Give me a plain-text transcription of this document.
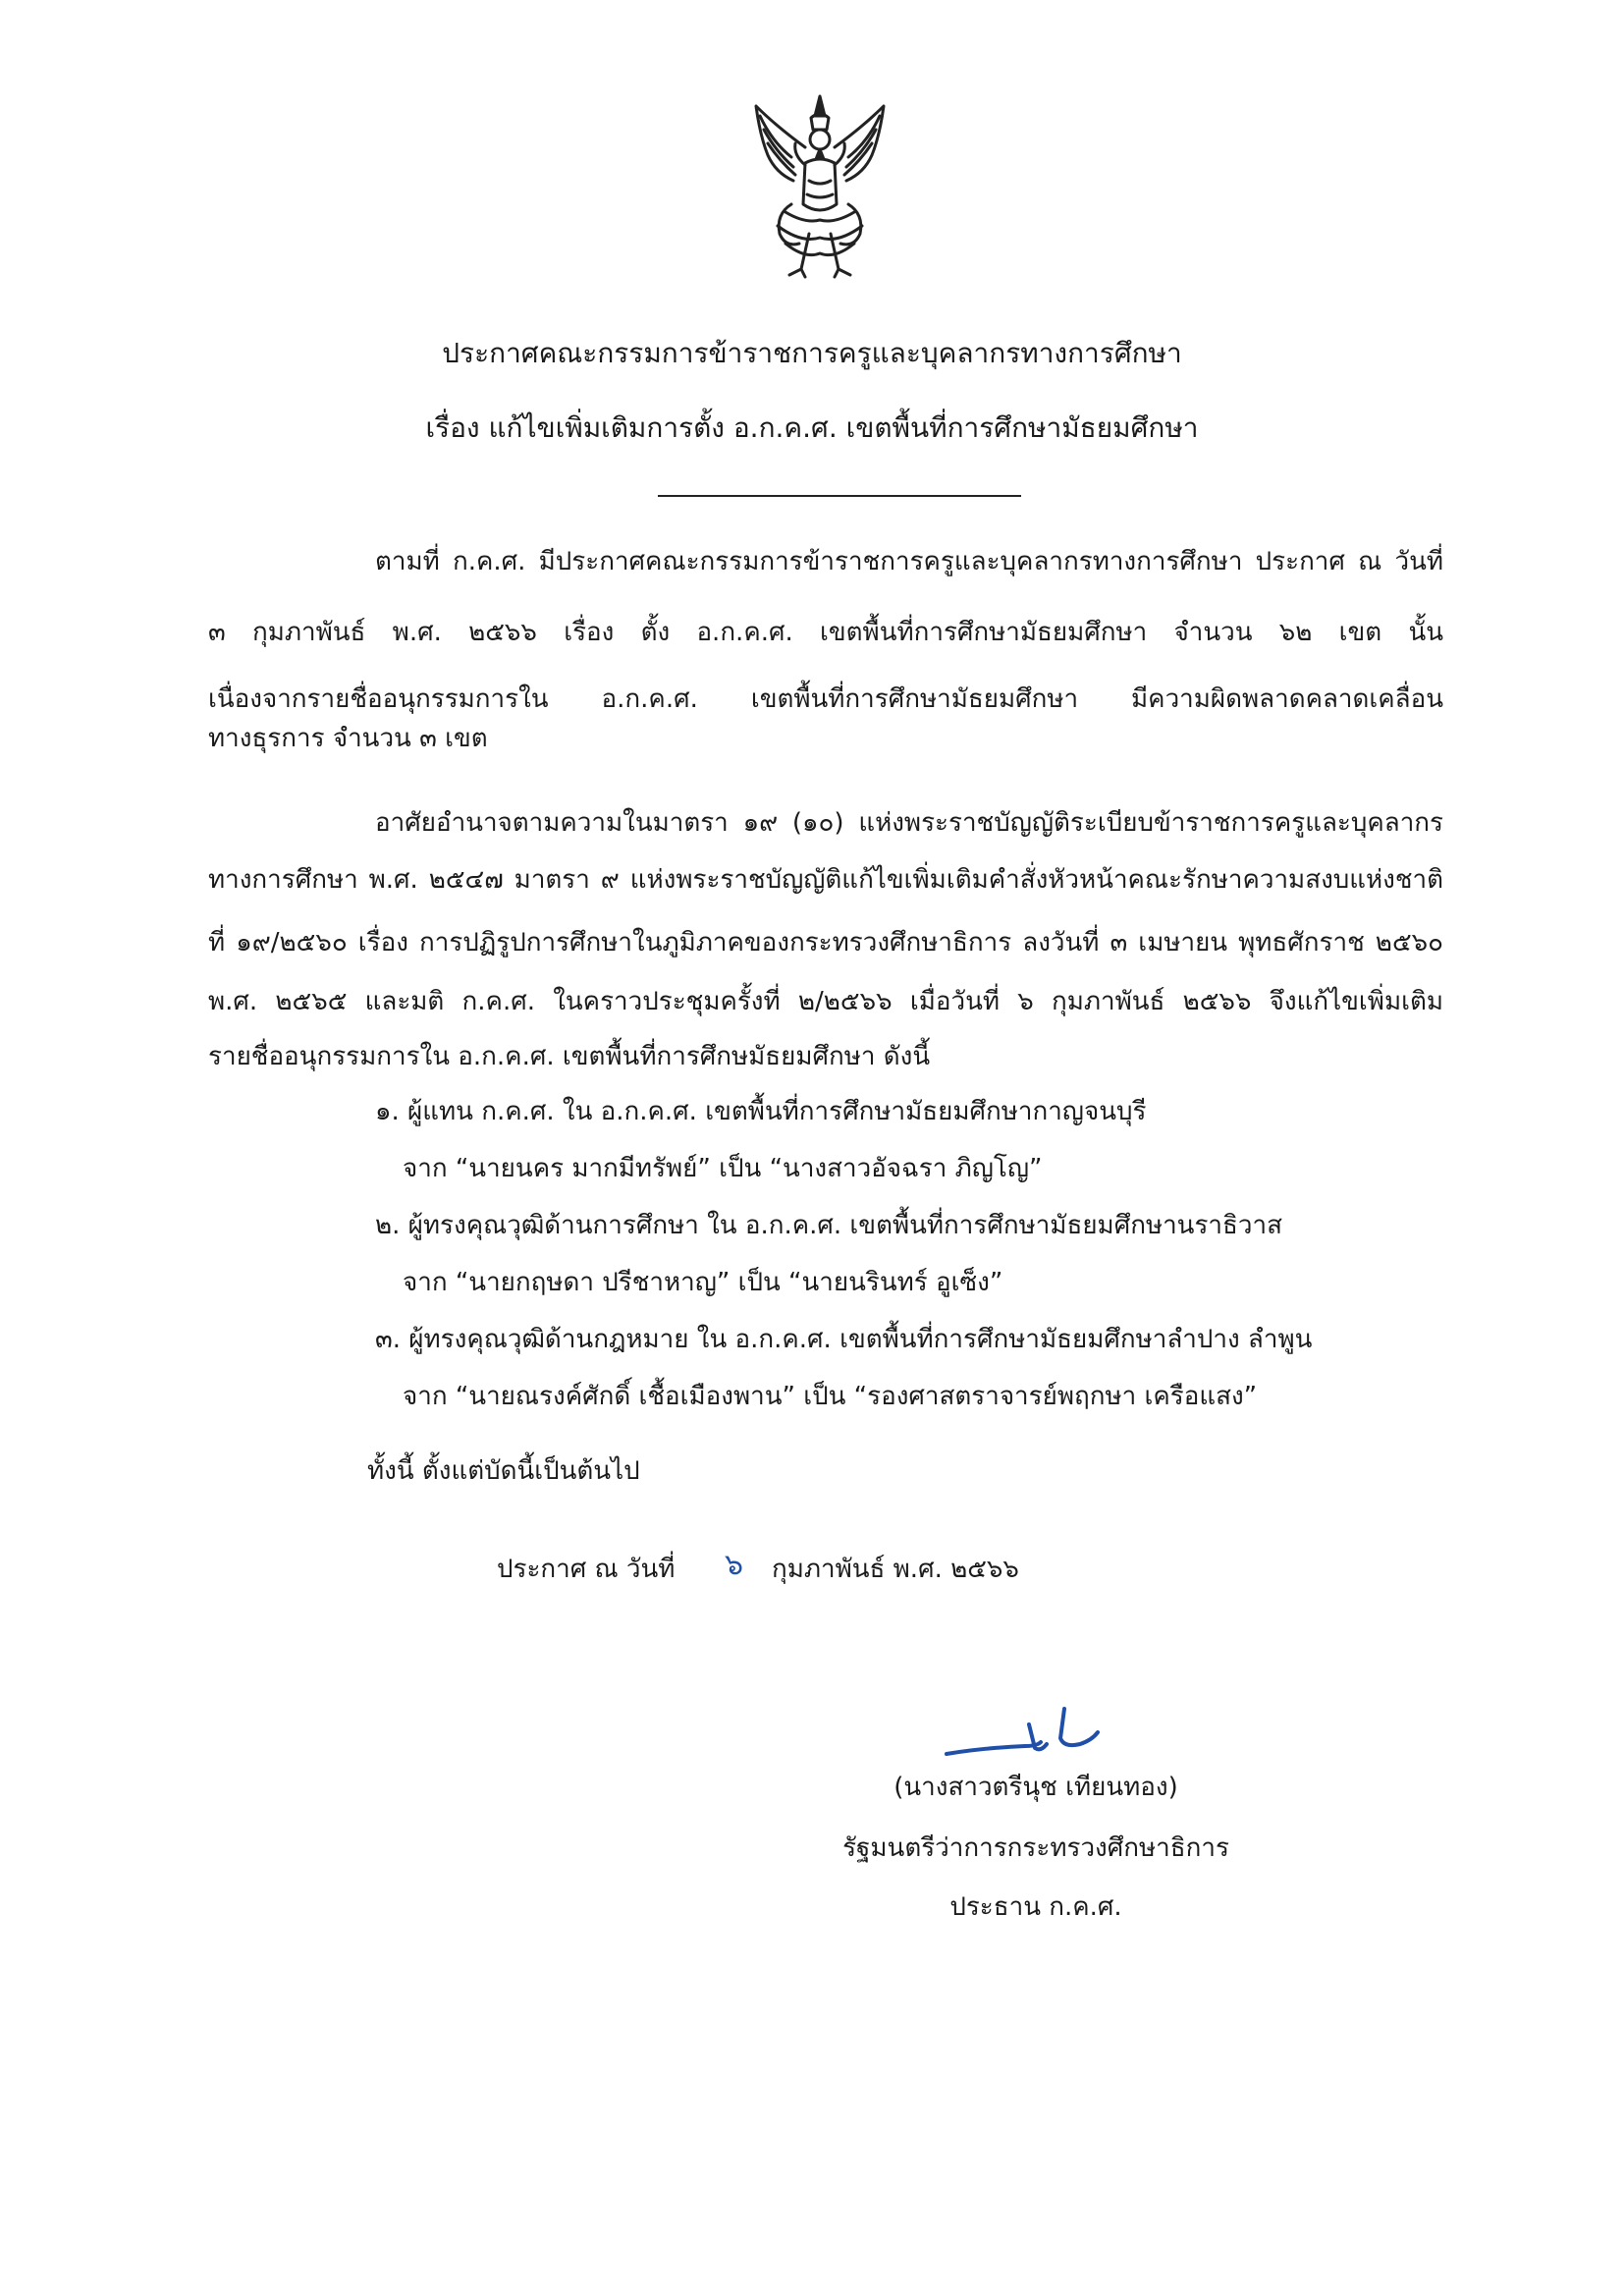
ประกาศคณะกรรมการข้าราชการครูและบุคลากรทางการศึกษา
เรื่อง แก้ไขเพิ่มเติมการตั้ง อ.ก.ค.ศ. เขตพื้นที่การศึกษามัธยมศึกษา
ตามที่ ก.ค.ศ. มีประกาศคณะกรรมการข้าราชการครูและบุคลากรทางการศึกษา ประกาศ ณ วันที่
๓ กุมภาพันธ์ พ.ศ. ๒๕๖๖ เรื่อง ตั้ง อ.ก.ค.ศ. เขตพื้นที่การศึกษามัธยมศึกษา จำนวน ๖๒ เขต นั้น
เนื่องจากรายชื่ออนุกรรมการใน อ.ก.ค.ศ. เขตพื้นที่การศึกษามัธยมศึกษา มีความผิดพลาดคลาดเคลื่อน
ทางธุรการ จำนวน ๓ เขต
อาศัยอำนาจตามความในมาตรา ๑๙ (๑๐) แห่งพระราชบัญญัติระเบียบข้าราชการครูและบุคลากร
ทางการศึกษา พ.ศ. ๒๕๔๗ มาตรา ๙ แห่งพระราชบัญญัติแก้ไขเพิ่มเติมคำสั่งหัวหน้าคณะรักษาความสงบแห่งชาติ
ที่ ๑๙/๒๕๖๐ เรื่อง การปฏิรูปการศึกษาในภูมิภาคของกระทรวงศึกษาธิการ ลงวันที่ ๓ เมษายน พุทธศักราช ๒๕๖๐
พ.ศ. ๒๕๖๕ และมติ ก.ค.ศ. ในคราวประชุมครั้งที่ ๒/๒๕๖๖ เมื่อวันที่ ๖ กุมภาพันธ์ ๒๕๖๖ จึงแก้ไขเพิ่มเติม
รายชื่ออนุกรรมการใน อ.ก.ค.ศ. เขตพื้นที่การศึกษมัธยมศึกษา ดังนี้
๑. ผู้แทน ก.ค.ศ. ใน อ.ก.ค.ศ. เขตพื้นที่การศึกษามัธยมศึกษากาญจนบุรี
จาก “นายนคร มากมีทรัพย์” เป็น “นางสาวอัจฉรา ภิญโญ”
๒. ผู้ทรงคุณวุฒิด้านการศึกษา ใน อ.ก.ค.ศ. เขตพื้นที่การศึกษามัธยมศึกษานราธิวาส
จาก “นายกฤษดา ปรีชาหาญ” เป็น “นายนรินทร์ อูเซ็ง”
๓. ผู้ทรงคุณวุฒิด้านกฎหมาย ใน อ.ก.ค.ศ. เขตพื้นที่การศึกษามัธยมศึกษาลำปาง ลำพูน
จาก “นายณรงค์ศักดิ์ เชื้อเมืองพาน” เป็น “รองศาสตราจารย์พฤกษา เครือแสง”
ทั้งนี้ ตั้งแต่บัดนี้เป็นต้นไป
ประกาศ ณ วันที่ ๖ กุมภาพันธ์ พ.ศ. ๒๕๖๖
(นางสาวตรีนุช เทียนทอง)
รัฐมนตรีว่าการกระทรวงศึกษาธิการ
ประธาน ก.ค.ศ.
